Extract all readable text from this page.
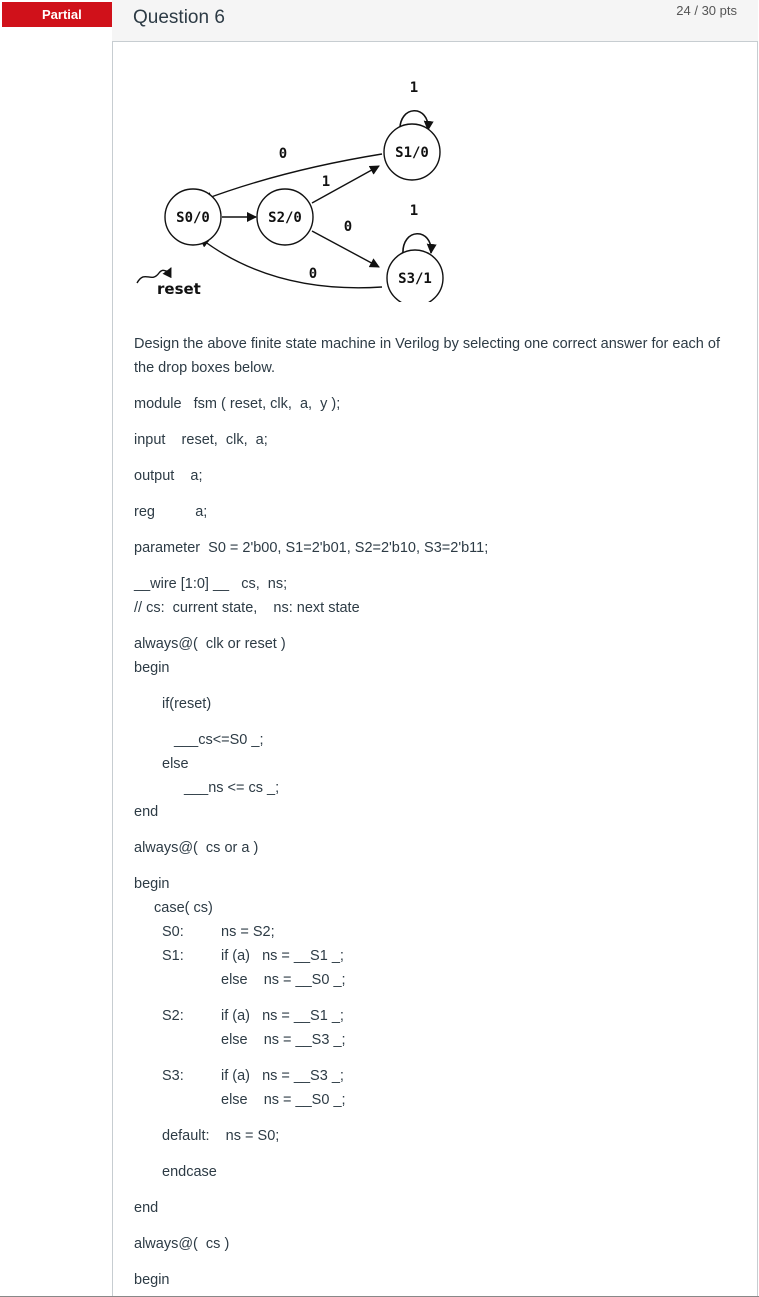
Partial	Question 6	24 / 30 pts
S0/0	S2/0
S1/0
S3/1
1
0
1
0
1
0
reset
Design the above finite state machine in Verilog by selecting one correct answer for each of the drop boxes below.
module   fsm ( reset, clk,  a,  y );
input    reset,  clk,  a;
output    a;
reg          a;
parameter  S0 = 2'b00, S1=2'b01, S2=2'b10, S3=2'b11;
__wire [1:0] __   cs,  ns;
// cs:  current state,    ns: next state
always@(  clk or reset )
begin
if(reset)
___cs<=S0 _;
else
___ns <= cs _;
end
always@(  cs or a )
begin
case( cs)
S0:	ns = S2;
S1:	if (a)   ns = __S1 _;
else    ns = __S0 _;
S2:	if (a)   ns = __S1 _;
else    ns = __S3 _;
S3:	if (a)   ns = __S3 _;
else    ns = __S0 _;
default:    ns = S0;
endcase
end
always@(  cs )
begin
